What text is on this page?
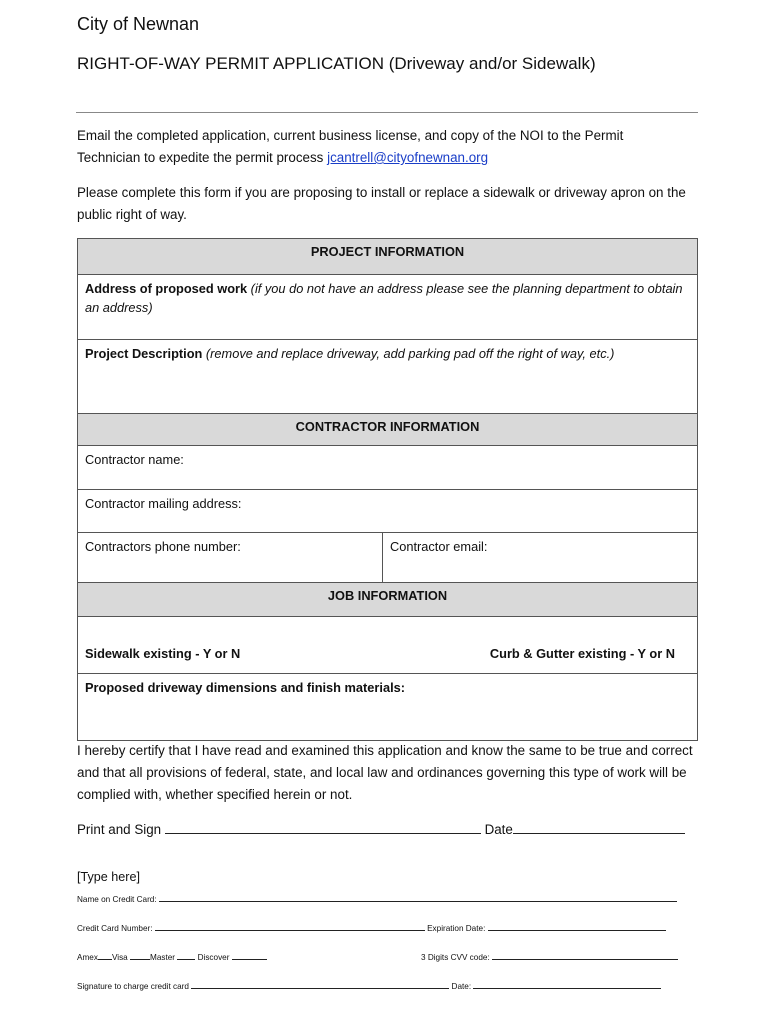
City of Newnan
RIGHT-OF-WAY PERMIT APPLICATION (Driveway and/or Sidewalk)
Email the completed application, current business license, and copy of the NOI to the Permit
Technician to expedite the permit process jcantrell@cityofnewnan.org
Please complete this form if you are proposing to install or replace a sidewalk or driveway apron on the public right of way.
PROJECT INFORMATION
Address of proposed work (if you do not have an address please see the planning department to obtain an address)
Project Description (remove and replace driveway, add parking pad off the right of way, etc.)
CONTRACTOR INFORMATION
Contractor name:
Contractor mailing address:
Contractors phone number:	Contractor email:
JOB INFORMATION
Sidewalk existing - Y or N	Curb & Gutter existing - Y or N
Proposed driveway dimensions and finish materials:
I hereby certify that I have read and examined this application and know the same to be true and correct and that all provisions of federal, state, and local law and ordinances governing this type of work will be complied with, whether specified herein or not.
Print and Sign	Date
[Type here]
Name on Credit Card:
Credit Card Number:	Expiration Date:
Amex Visa	Master	Discover	3 Digits CVV code:
Signature to charge credit card	Date:
